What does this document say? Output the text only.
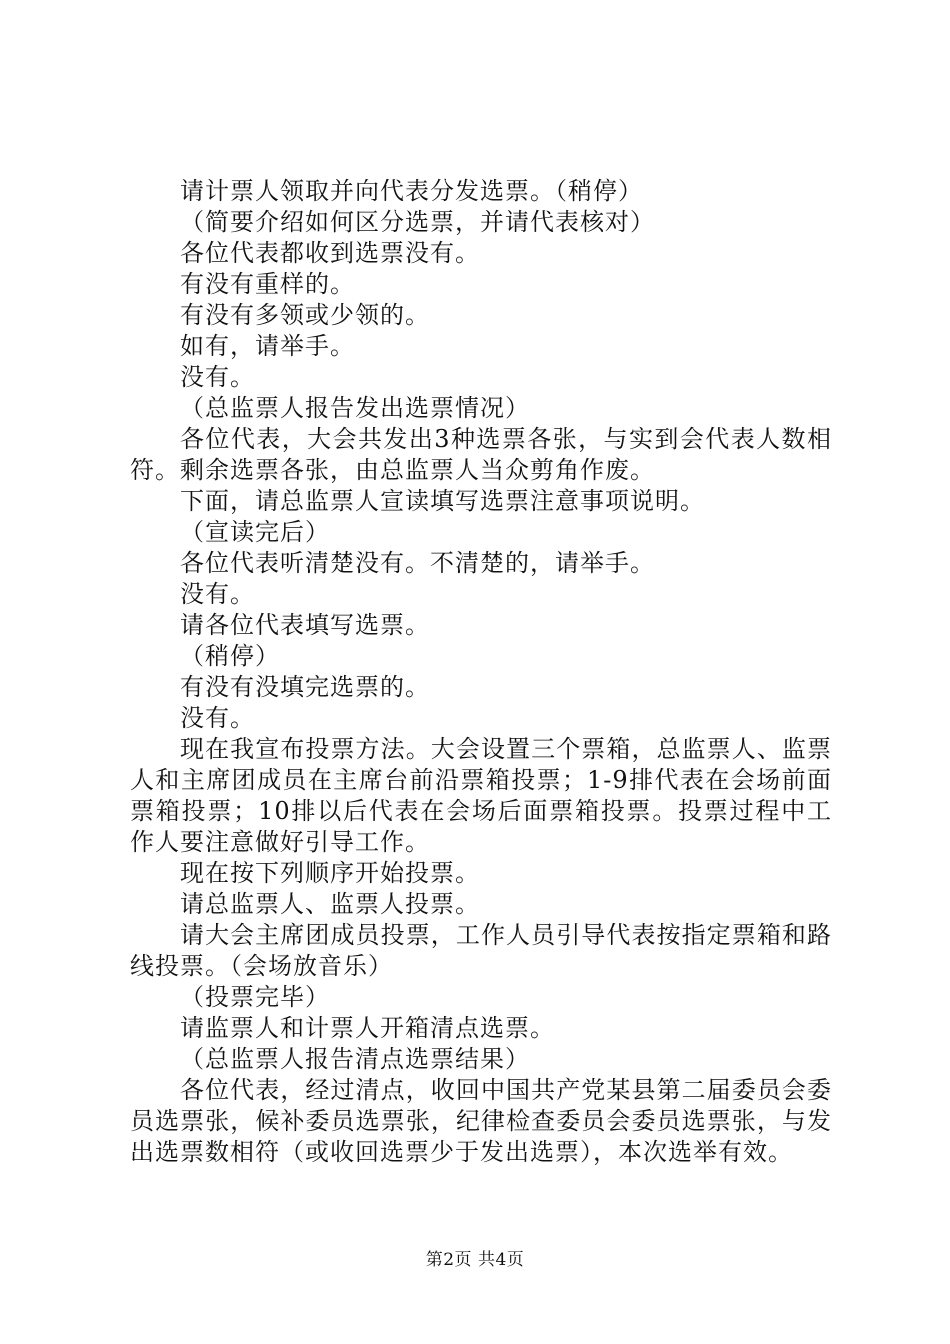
请计票人领取并向代表分发选票。（稍停）

（简要介绍如何区分选票，并请代表核对）

各位代表都收到选票没有。

有没有重样的。

有没有多领或少领的。

如有，请举手。

没有。

（总监票人报告发出选票情况）

各位代表，大会共发出3种选票各张，与实到会代表人数相符。剩余选票各张，由总监票人当众剪角作废。

下面，请总监票人宣读填写选票注意事项说明。

（宣读完后）

各位代表听清楚没有。不清楚的，请举手。

没有。

请各位代表填写选票。

（稍停）

有没有没填完选票的。

没有。

现在我宣布投票方法。大会设置三个票箱，总监票人、监票人和主席团成员在主席台前沿票箱投票；1-9排代表在会场前面票箱投票；10排以后代表在会场后面票箱投票。投票过程中工作人要注意做好引导工作。

现在按下列顺序开始投票。

请总监票人、监票人投票。

请大会主席团成员投票，工作人员引导代表按指定票箱和路线投票。（会场放音乐）

（投票完毕）

请监票人和计票人开箱清点选票。

（总监票人报告清点选票结果）

各位代表，经过清点，收回中国共产党某县第二届委员会委员选票张，候补委员选票张，纪律检查委员会委员选票张，与发出选票数相符（或收回选票少于发出选票），本次选举有效。

第2页 共4页
